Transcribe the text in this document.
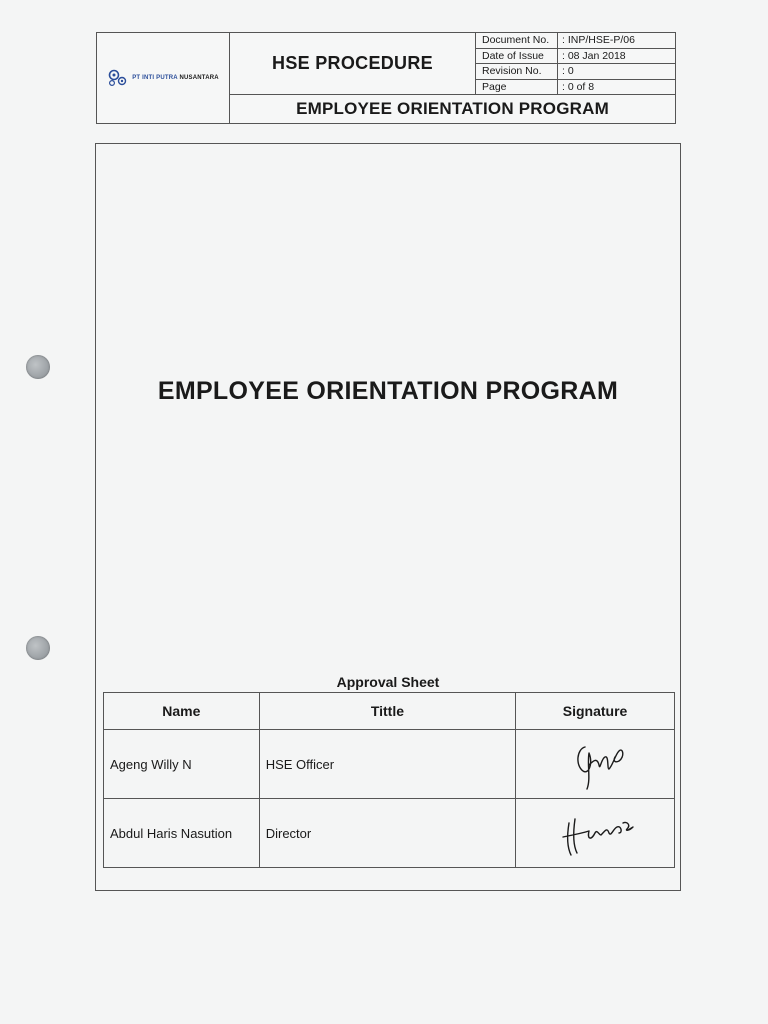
PT INTI PUTRA NUSANTARA
HSE PROCEDURE
Document No.	: INP/HSE-P/06
Date of Issue	: 08 Jan 2018
Revision No.	: 0
Page	: 0 of 8
EMPLOYEE ORIENTATION PROGRAM
EMPLOYEE ORIENTATION PROGRAM
Approval Sheet
Name	Tittle	Signature
Ageng Willy N	HSE Officer	
Abdul Haris Nasution	Director	
